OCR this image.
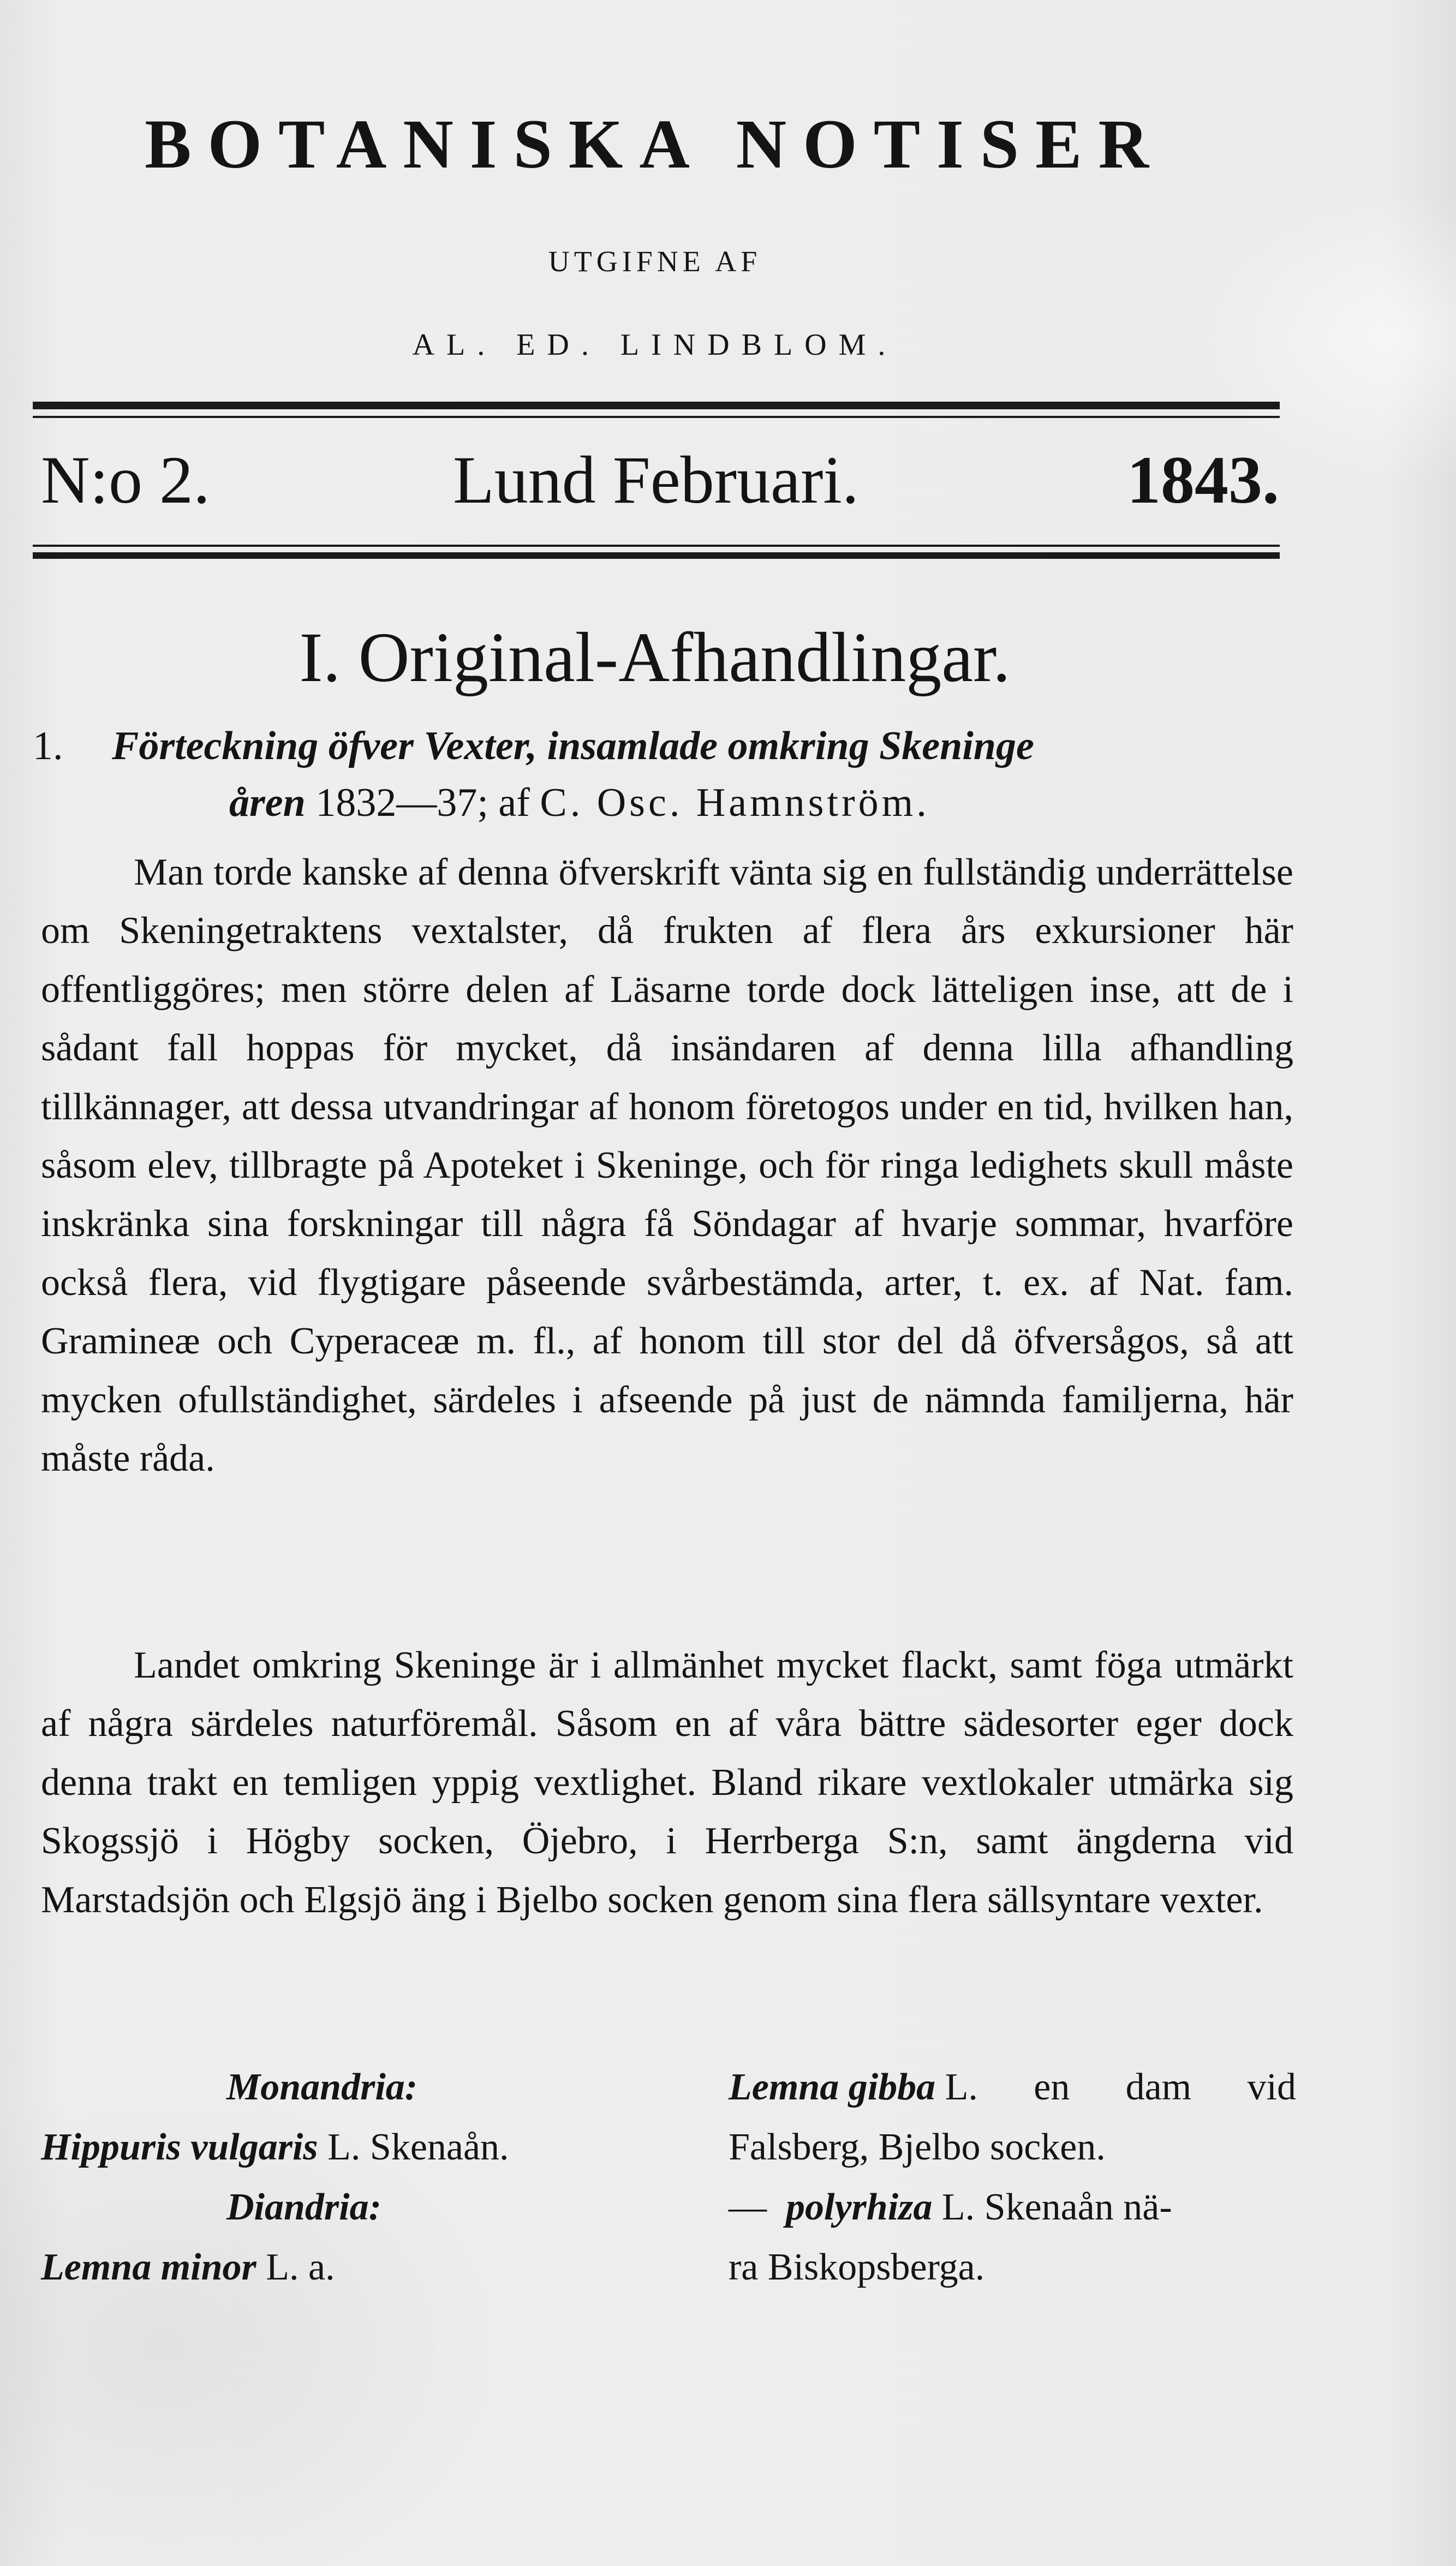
BOTANISKA NOTISER
UTGIFNE AF
AL. ED. LINDBLOM.
N:o 2.	Lund Februari.	1843.
I. Original-Afhandlingar.

1. Förteckning öfver Vexter, insamlade omkring Skeninge
åren 1832—37; af C. Osc. Hamnström.

Man torde kanske af denna öfverskrift vänta sig en fullständig underrättelse om Skeningetraktens vextalster, då frukten af flera års exkursioner här offentliggöres; men större delen af Läsarne torde dock lätteligen inse, att de i sådant fall hoppas för mycket, då insändaren af denna lilla afhandling tillkännager, att dessa utvandringar af honom företogos under en tid, hvilken han, såsom elev, tillbragte på Apoteket i Skeninge, och för ringa ledighets skull måste inskränka sina forskningar till några få Söndagar af hvarje sommar, hvarföre också flera, vid flygtigare påseende svårbestämda, arter, t. ex. af Nat. fam. Gramineæ och Cyperaceæ m. fl., af honom till stor del då öfversågos, så att mycken ofullständighet, särdeles i afseende på just de nämnda familjerna, här måste råda.

Landet omkring Skeninge är i allmänhet mycket flackt, samt föga utmärkt af några särdeles naturföremål. Såsom en af våra bättre sädesorter eger dock denna trakt en temligen yppig vextlighet. Bland rikare vextlokaler utmärka sig Skogssjö i Högby socken, Öjebro, i Herrberga S:n, samt ängderna vid Marstadsjön och Elgsjö äng i Bjelbo socken genom sina flera sällsyntare vexter.

Monandria:
Hippuris vulgaris L. Skenaån.
Diandria:
Lemna minor L. a.
Lemna gibba L. en dam vid
Falsberg, Bjelbo socken.
— polyrhiza L. Skenaån nä-
ra Biskopsberga.
